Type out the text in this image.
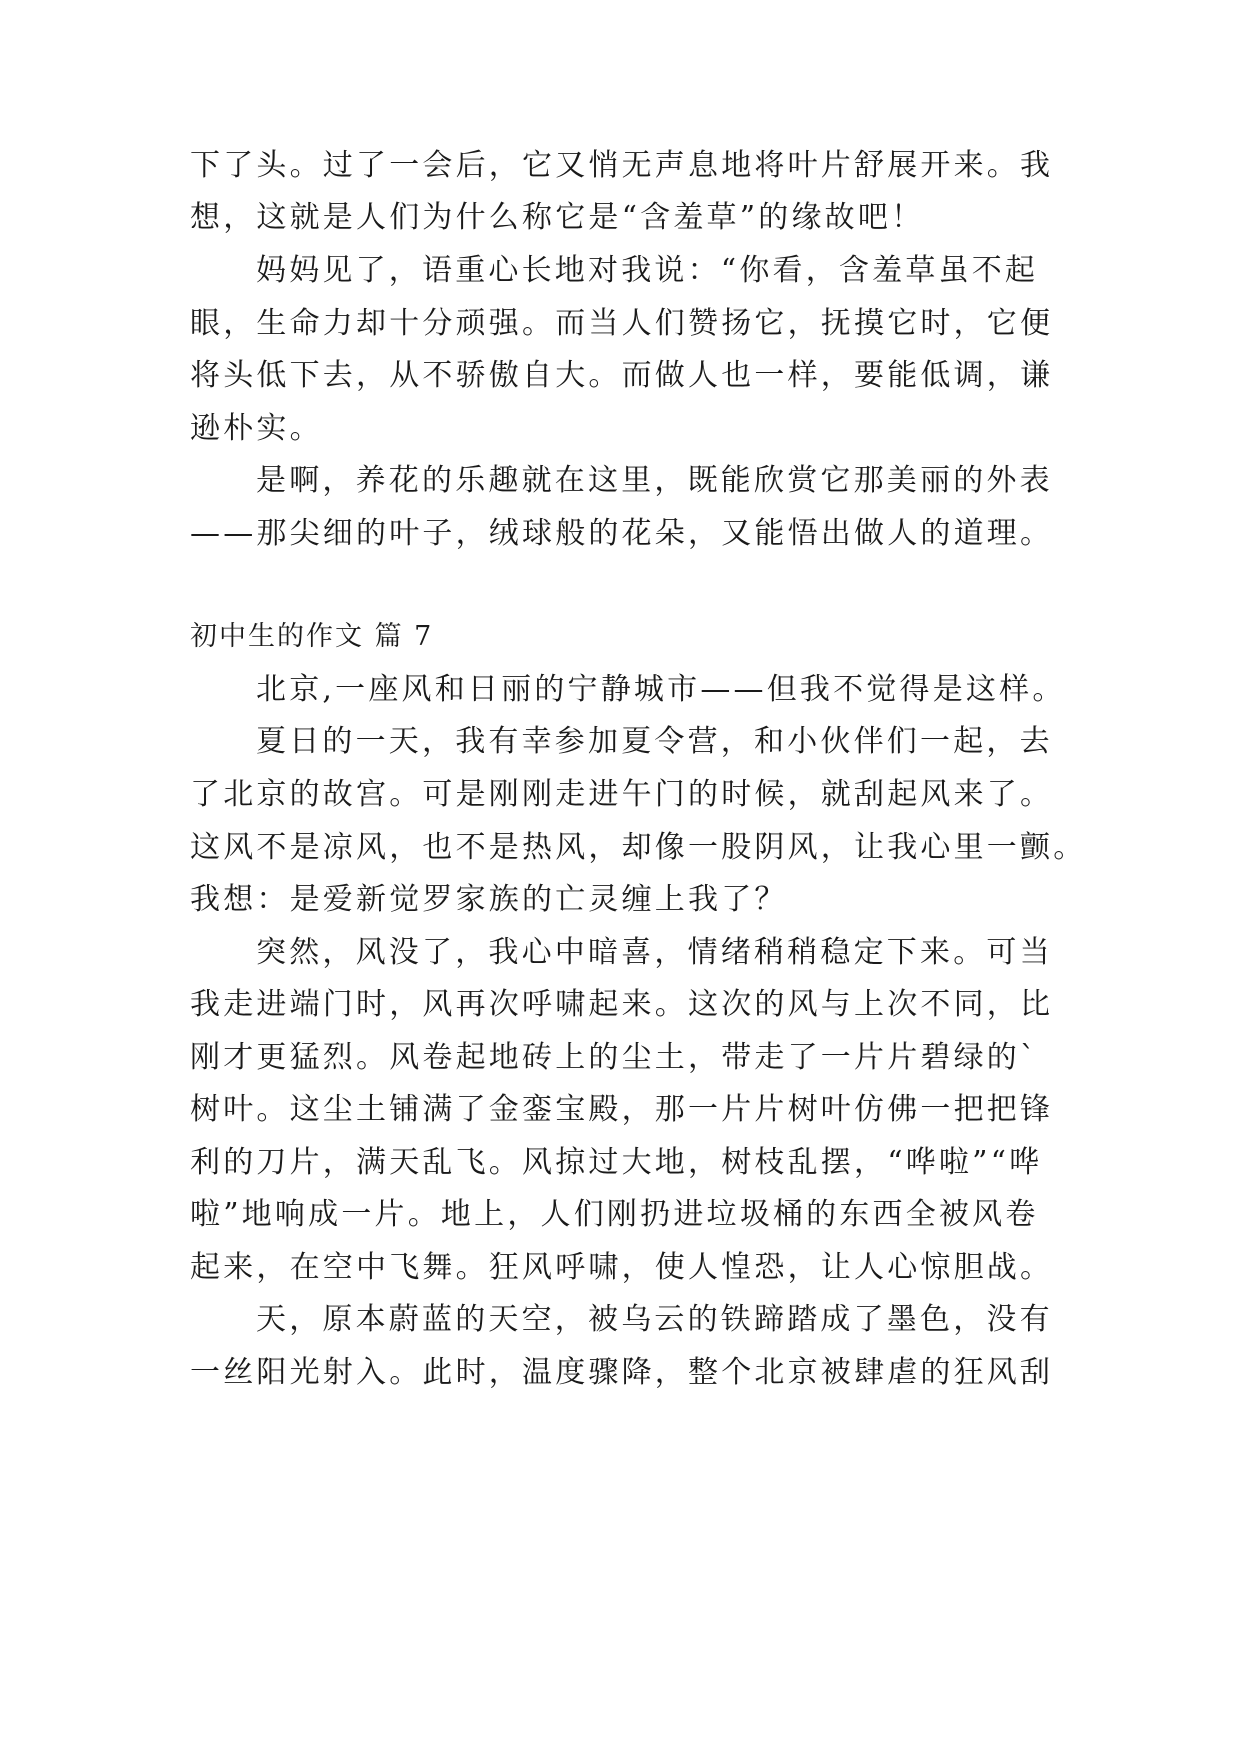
下了头。过了一会后，它又悄无声息地将叶片舒展开来。我
想，这就是人们为什么称它是“含羞草”的缘故吧！
妈妈见了，语重心长地对我说：“你看，含羞草虽不起
眼，生命力却十分顽强。而当人们赞扬它，抚摸它时，它便
将头低下去，从不骄傲自大。而做人也一样，要能低调，谦
逊朴实。
是啊，养花的乐趣就在这里，既能欣赏它那美丽的外表
——那尖细的叶子，绒球般的花朵，又能悟出做人的道理。
初中生的作文 篇 7
北京,一座风和日丽的宁静城市——但我不觉得是这样。
夏日的一天，我有幸参加夏令营，和小伙伴们一起，去
了北京的故宫。可是刚刚走进午门的时候，就刮起风来了。
这风不是凉风，也不是热风，却像一股阴风，让我心里一颤。
我想：是爱新觉罗家族的亡灵缠上我了？
突然，风没了，我心中暗喜，情绪稍稍稳定下来。可当
我走进端门时，风再次呼啸起来。这次的风与上次不同，比
刚才更猛烈。风卷起地砖上的尘土，带走了一片片碧绿的`
树叶。这尘土铺满了金銮宝殿，那一片片树叶仿佛一把把锋
利的刀片，满天乱飞。风掠过大地，树枝乱摆，“哗啦”“哗
啦”地响成一片。地上，人们刚扔进垃圾桶的东西全被风卷
起来，在空中飞舞。狂风呼啸，使人惶恐，让人心惊胆战。
天，原本蔚蓝的天空，被乌云的铁蹄踏成了墨色，没有
一丝阳光射入。此时，温度骤降，整个北京被肆虐的狂风刮
